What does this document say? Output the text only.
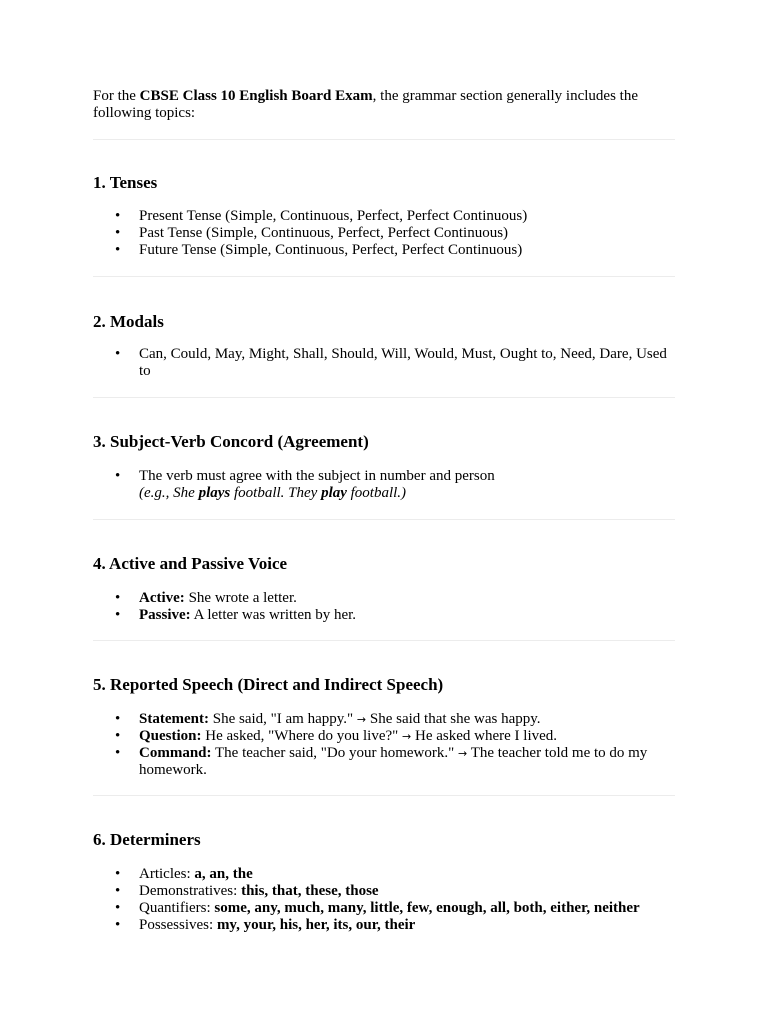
For the CBSE Class 10 English Board Exam, the grammar section generally includes the following topics:

1. Tenses
• Present Tense (Simple, Continuous, Perfect, Perfect Continuous)
• Past Tense (Simple, Continuous, Perfect, Perfect Continuous)
• Future Tense (Simple, Continuous, Perfect, Perfect Continuous)
2. Modals
• Can, Could, May, Might, Shall, Should, Will, Would, Must, Ought to, Need, Dare, Used to
3. Subject-Verb Concord (Agreement)
• The verb must agree with the subject in number and person
(e.g., She plays football. They play football.)
4. Active and Passive Voice
• Active: She wrote a letter.
• Passive: A letter was written by her.
5. Reported Speech (Direct and Indirect Speech)
• Statement: She said, "I am happy." → She said that she was happy.
• Question: He asked, "Where do you live?" → He asked where I lived.
• Command: The teacher said, "Do your homework." → The teacher told me to do my homework.
6. Determiners
• Articles: a, an, the
• Demonstratives: this, that, these, those
• Quantifiers: some, any, much, many, little, few, enough, all, both, either, neither
• Possessives: my, your, his, her, its, our, their
